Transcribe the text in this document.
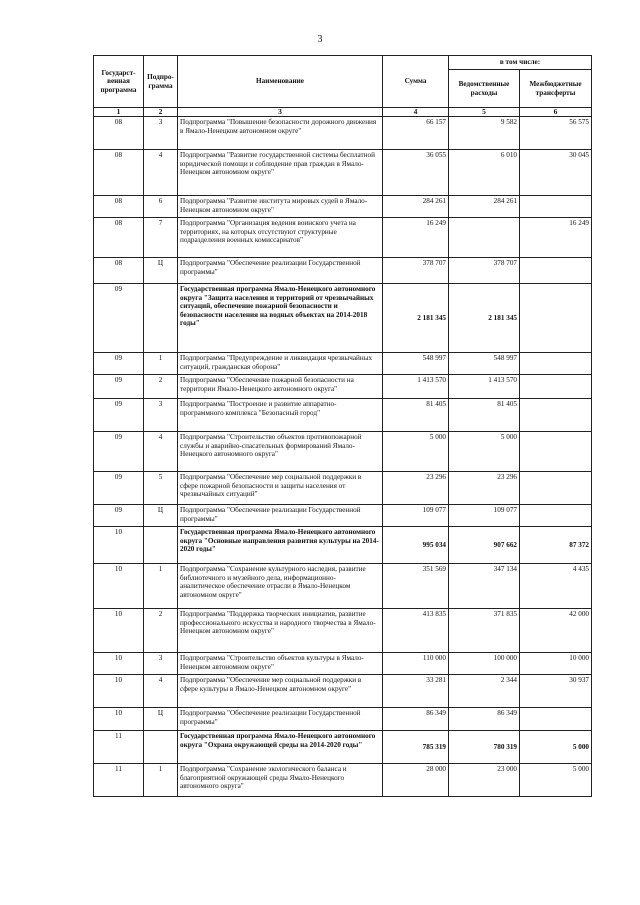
3
Государст-венная программа	Подпро-грамма	Наименование	Сумма	в том числе:	
				Ведомственные расходы	Межбюджетные трансферты
1	2	3	4	5	6
08	3	Подпрограмма "Повышение безопасности дорожного движения в Ямало-Ненецком автономном округе"	66 157	9 582	56 575
08	4	Подпрограмма "Развитие государственной системы бесплатной юридической помощи и соблюдение прав граждан в Ямало-Ненецком автономном округе"	36 055	6 010	30 045
08	6	Подпрограмма "Развитие института мировых судей в Ямало-Ненецком автономном округе"	284 261	284 261	
08	7	Подпрограмма "Организация ведения воинского учета на территориях, на которых отсутствуют структурные подразделения военных комиссариатов"	16 249		16 249
08	Ц	Подпрограмма "Обеспечение реализации Государственной программы"	378 707	378 707	
09		Государственная программа Ямало-Ненецкого автономного округа "Защита населения и территорий от чрезвычайных ситуаций, обеспечение пожарной безопасности и безопасности населения на водных объектах на 2014-2018 годы"	2 181 345	2 181 345	
09	1	Подпрограмма "Предупреждение и ликвидация чрезвычайных ситуаций, гражданская оборона"	548 997	548 997	
09	2	Подпрограмма "Обеспечение пожарной безопасности на территории Ямало-Ненецкого автономного округа"	1 413 570	1 413 570	
09	3	Подпрограмма "Построение и развитие аппаратно-программного комплекса "Безопасный город"	81 405	81 405	
09	4	Подпрограмма "Строительство объектов противопожарной службы и аварийно-спасательных формирований Ямало-Ненецкого автономного округа"	5 000	5 000	
09	5	Подпрограмма "Обеспечение мер социальной поддержки в сфере пожарной безопасности и защиты населения от чрезвычайных ситуаций"	23 296	23 296	
09	Ц	Подпрограмма "Обеспечение реализации Государственной программы"	109 077	109 077	
10		Государственная программа Ямало-Ненецкого автономного округа "Основные направления развития культуры на 2014-2020 годы"	995 034	907 662	87 372
10	1	Подпрограмма "Сохранение культурного наследия, развитие библиотечного и музейного дела, информационно-аналитическое обеспечение отрасли в Ямало-Ненецком автономном округе"	351 569	347 134	4 435
10	2	Подпрограмма "Поддержка творческих инициатив, развитие профессионального искусства и народного творчества в Ямало-Ненецком автономном округе"	413 835	371 835	42 000
10	3	Подпрограмма "Строительство объектов культуры в Ямало-Ненецком автономном округе"	110 000	100 000	10 000
10	4	Подпрограмма "Обеспечение мер социальной поддержки в сфере культуры в Ямало-Ненецком автономном округе"	33 281	2 344	30 937
10	Ц	Подпрограмма "Обеспечение реализации Государственной программы"	86 349	86 349	
11		Государственная программа Ямало-Ненецкого автономного округа "Охрана окружающей среды на 2014-2020 годы"	785 319	780 319	5 000
11	1	Подпрограмма "Сохранение экологического баланса и благоприятной окружающей среды Ямало-Ненецкого автономного округа"	28 000	23 000	5 000
